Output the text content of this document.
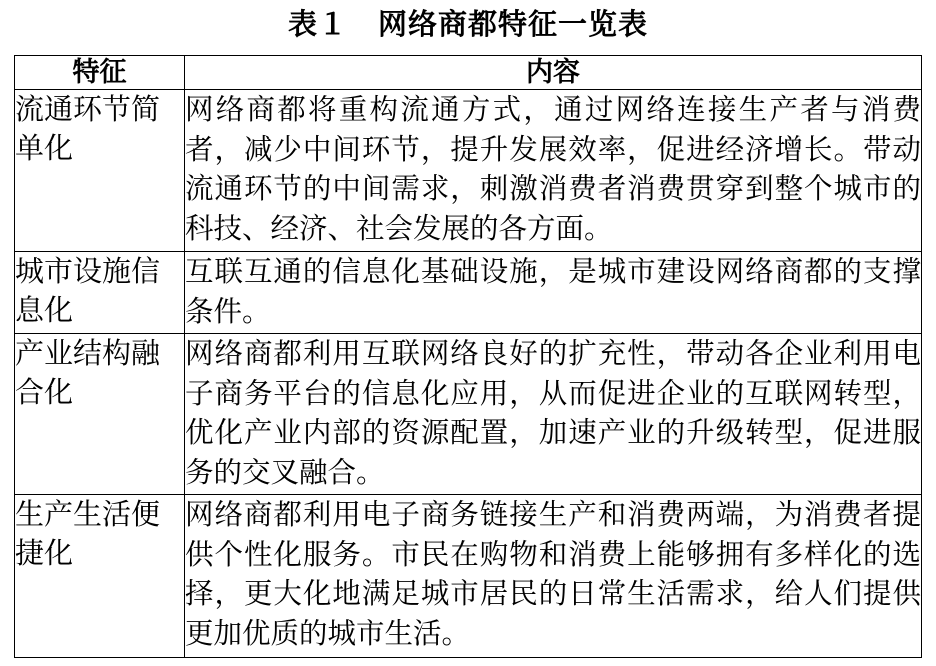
表１　网络商都特征一览表
特征	内容
流通环节简单化	网络商都将重构流通方式，通过网络连接生产者与消费者，减少中间环节，提升发展效率，促进经济增长。带动流通环节的中间需求，刺激消费者消费贯穿到整个城市的科技、经济、社会发展的各方面。
城市设施信息化	互联互通的信息化基础设施，是城市建设网络商都的支撑条件。
产业结构融合化	网络商都利用互联网络良好的扩充性，带动各企业利用电子商务平台的信息化应用，从而促进企业的互联网转型，优化产业内部的资源配置，加速产业的升级转型，促进服务的交叉融合。
生产生活便捷化	网络商都利用电子商务链接生产和消费两端，为消费者提供个性化服务。市民在购物和消费上能够拥有多样化的选择，更大化地满足城市居民的日常生活需求，给人们提供更加优质的城市生活。
